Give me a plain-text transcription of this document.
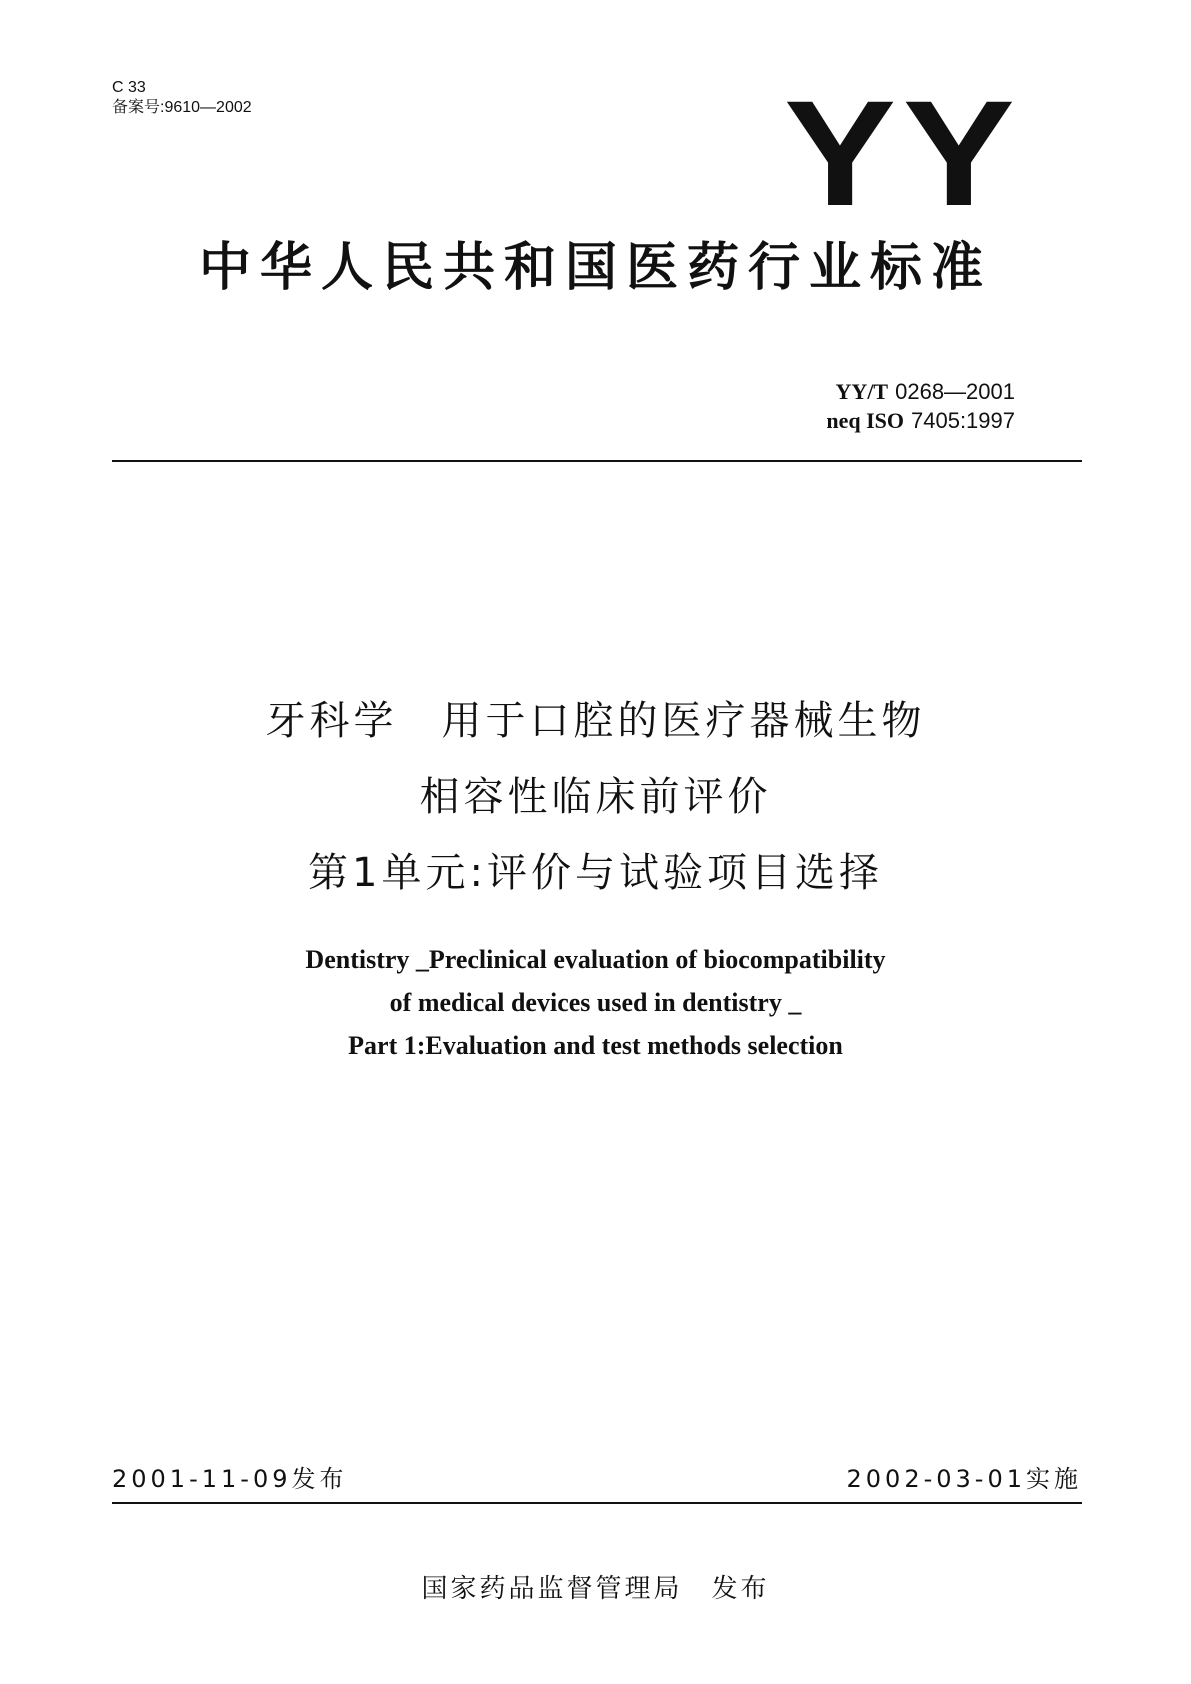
C 33
备案号:9610—2002	YY
中华人民共和国医药行业标准
YY/T 0268—2001
neq ISO 7405:1997
牙科学　用于口腔的医疗器械生物
相容性临床前评价
第1单元:评价与试验项目选择
Dentistry _Preclinical evaluation of biocompatibility
of medical devices used in dentistry _
Part 1:Evaluation and test methods selection
2001-11-09发布	2002-03-01实施
国家药品监督管理局　发布
